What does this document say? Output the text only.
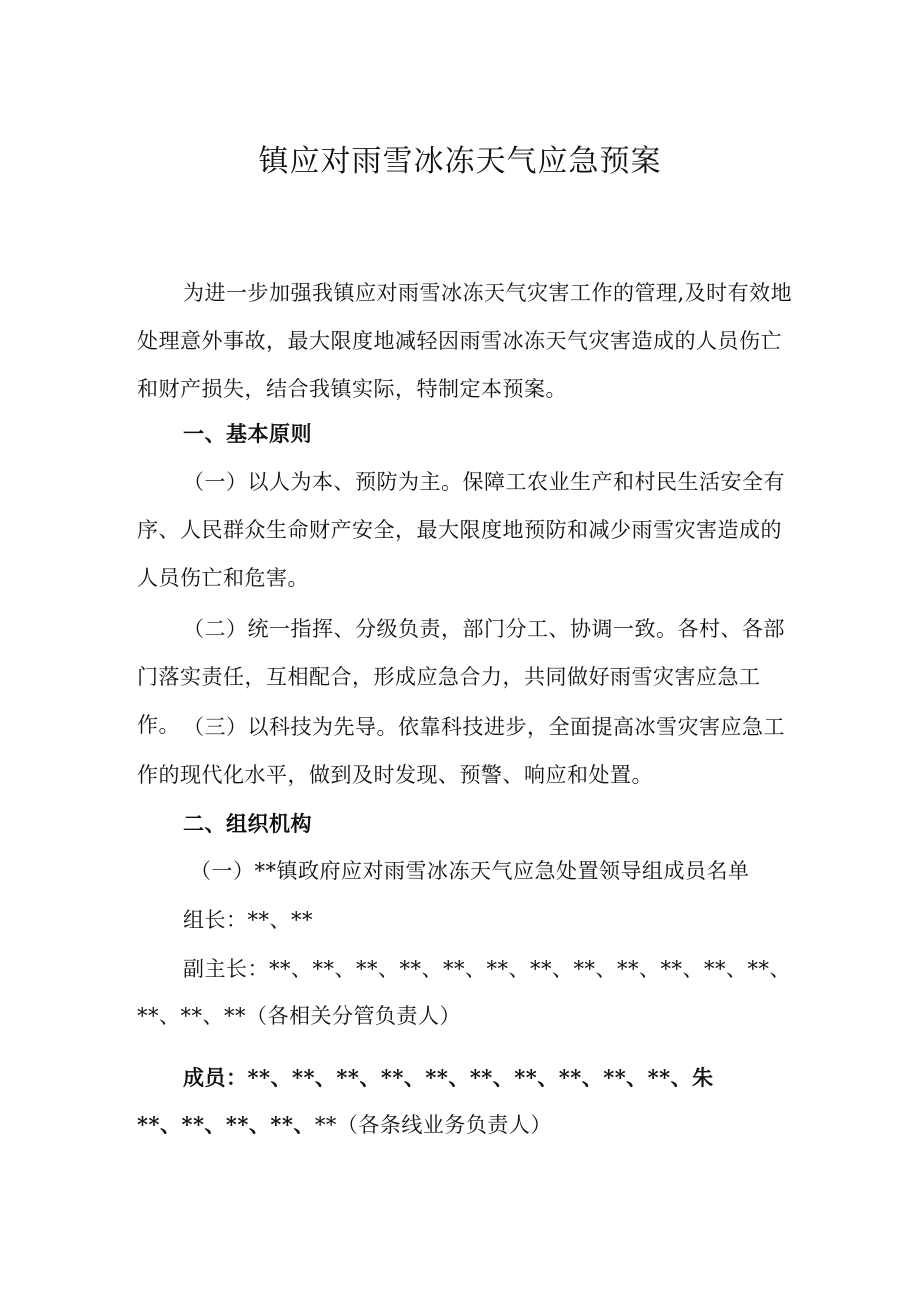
镇应对雨雪冰冻天气应急预案
为进一步加强我镇应对雨雪冰冻天气灾害工作的管理,及时有效地处理意外事故，最大限度地减轻因雨雪冰冻天气灾害造成的人员伤亡和财产损失，结合我镇实际，特制定本预案。
一、基本原则
（一）以人为本、预防为主。保障工农业生产和村民生活安全有序、人民群众生命财产安全，最大限度地预防和减少雨雪灾害造成的人员伤亡和危害。
（二）统一指挥、分级负责，部门分工、协调一致。各村、各部门落实责任，互相配合，形成应急合力，共同做好雨雪灾害应急工作。 （三）以科技为先导。依靠科技进步，全面提高冰雪灾害应急工作的现代化水平，做到及时发现、预警、响应和处置。
二、组织机构
（一）**镇政府应对雨雪冰冻天气应急处置领导组成员名单
组长：**、**
副主长：**、**、**、**、**、**、**、**、**、**、**、**、
**、**、**（各相关分管负责人）
成员：**、**、**、**、**、**、**、**、**、**、朱
**、**、**、**、**（各条线业务负责人）
